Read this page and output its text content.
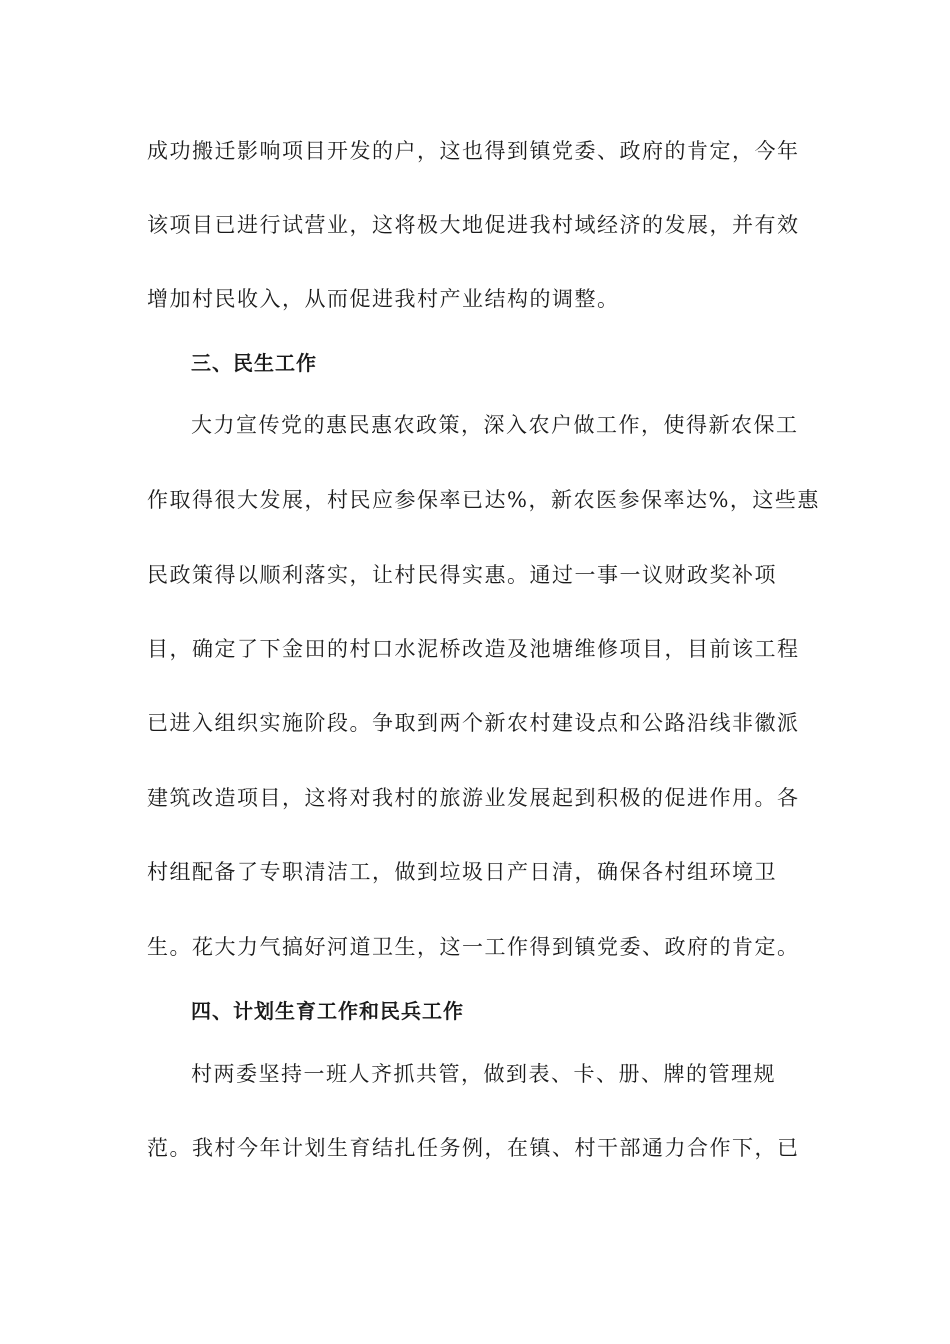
成功搬迁影响项目开发的户，这也得到镇党委、政府的肯定，今年
该项目已进行试营业，这将极大地促进我村域经济的发展，并有效
增加村民收入，从而促进我村产业结构的调整。
三、民生工作
大力宣传党的惠民惠农政策，深入农户做工作，使得新农保工
作取得很大发展，村民应参保率已达%，新农医参保率达%，这些惠
民政策得以顺利落实，让村民得实惠。通过一事一议财政奖补项
目，确定了下金田的村口水泥桥改造及池塘维修项目，目前该工程
已进入组织实施阶段。争取到两个新农村建设点和公路沿线非徽派
建筑改造项目，这将对我村的旅游业发展起到积极的促进作用。各
村组配备了专职清洁工，做到垃圾日产日清，确保各村组环境卫
生。花大力气搞好河道卫生，这一工作得到镇党委、政府的肯定。
四、计划生育工作和民兵工作
村两委坚持一班人齐抓共管，做到表、卡、册、牌的管理规
范。我村今年计划生育结扎任务例，在镇、村干部通力合作下，已
